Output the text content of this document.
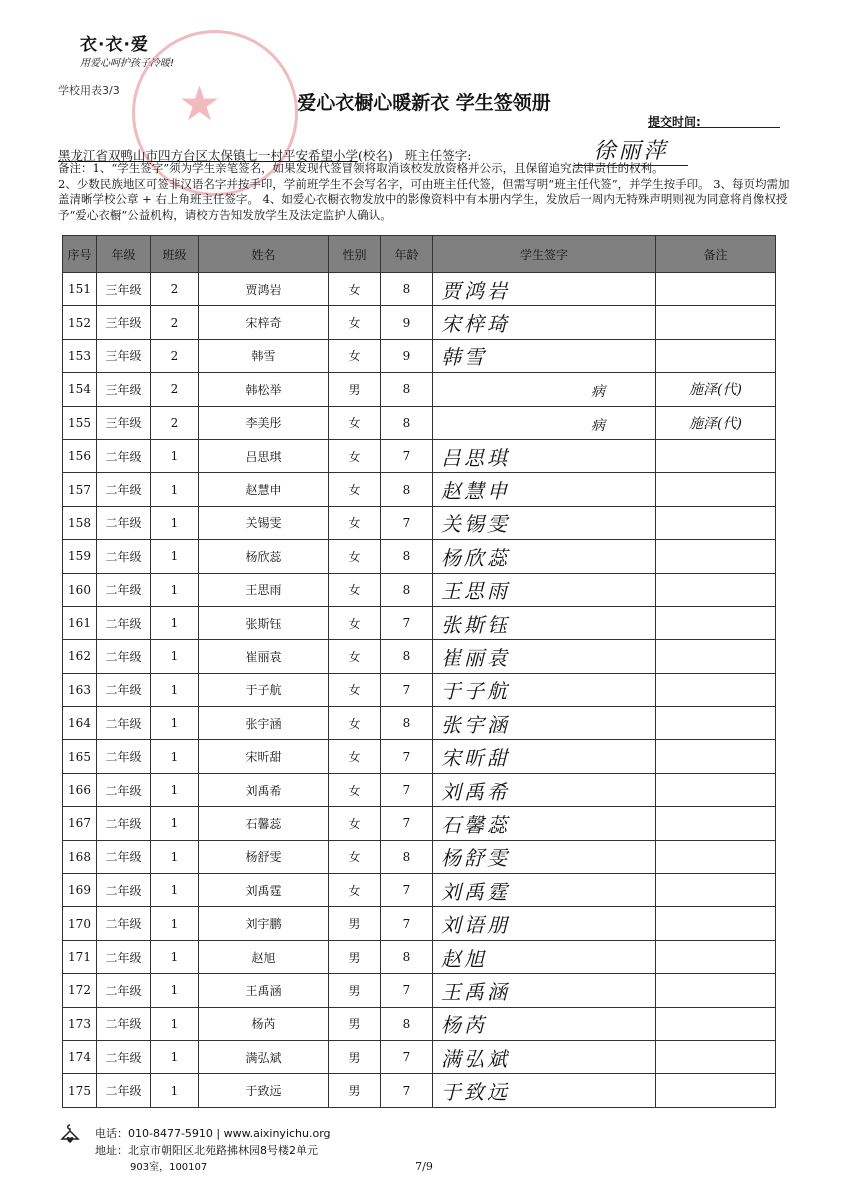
衣·衣·爱
用爱心呵护孩子冷暖!
★
学校用表3/3
爱心衣橱心暖新衣 学生签领册
提交时间:
黑龙江省双鸭山市四方台区太保镇七一村平安希望小学(校名) 班主任签字:	徐丽萍
备注：1、“学生签字”须为学生亲笔签名，如果发现代签冒领将取消该校发放资格并公示，且保留追究法律责任的权利。
2、少数民族地区可签非汉语名字并按手印，学前班学生不会写名字，可由班主任代签，但需写明“班主任代签”，并学生按手印。 3、每页均需加盖清晰学校公章 + 右上角班主任签字。 4、如爱心衣橱衣物发放中的影像资料中有本册内学生，发放后一周内无特殊声明则视为同意将肖像权授予“爱心衣橱”公益机构，请校方告知发放学生及法定监护人确认。
序号	年级	班级	姓名	性别	年龄	学生签字	备注
151	三年级	2	贾鸿岩	女	8	贾鸿岩	
152	三年级	2	宋梓奇	女	9	宋梓琦	
153	三年级	2	韩雪	女	9	韩雪	
154	三年级	2	韩松举	男	8	病	施泽(代)
155	三年级	2	李美彤	女	8	病	施泽(代)
156	二年级	1	吕思琪	女	7	吕思琪	
157	二年级	1	赵慧申	女	8	赵慧申	
158	二年级	1	关锡雯	女	7	关锡雯	
159	二年级	1	杨欣蕊	女	8	杨欣蕊	
160	二年级	1	王思雨	女	8	王思雨	
161	二年级	1	张斯钰	女	7	张斯钰	
162	二年级	1	崔丽袁	女	8	崔丽袁	
163	二年级	1	于子航	女	7	于子航	
164	二年级	1	张宇涵	女	8	张宇涵	
165	二年级	1	宋昕甜	女	7	宋昕甜	
166	二年级	1	刘禹希	女	7	刘禹希	
167	二年级	1	石馨蕊	女	7	石馨蕊	
168	二年级	1	杨舒雯	女	8	杨舒雯	
169	二年级	1	刘禹霆	女	7	刘禹霆	
170	二年级	1	刘宇鹏	男	7	刘语朋	
171	二年级	1	赵旭	男	8	赵旭	
172	二年级	1	王禹涵	男	7	王禹涵	
173	二年级	1	杨芮	男	8	杨芮	
174	二年级	1	满弘斌	男	7	满弘斌	
175	二年级	1	于致远	男	7	于致远	
电话：010-8477-5910 | www.aixinyichu.org
地址：北京市朝阳区北苑路拂林园8号楼2单元
903室，100107	7/9
